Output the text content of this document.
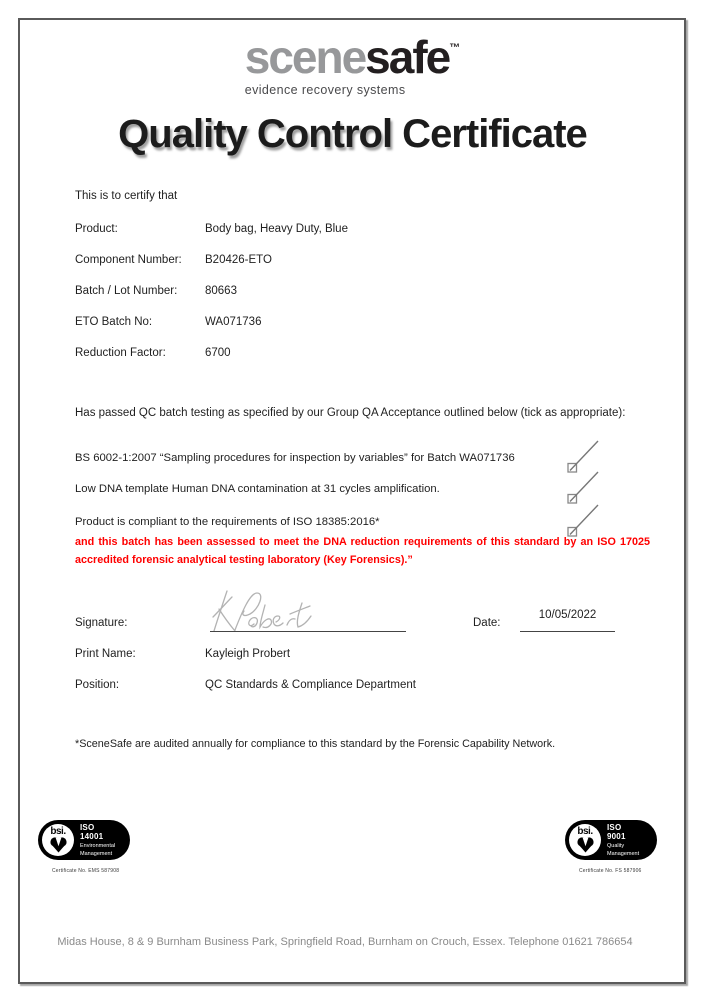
scenesafe™
evidence recovery systems
Quality Control Certificate
This is to certify that
Product:	Body bag, Heavy Duty, Blue
Component Number:	B20426-ETO
Batch / Lot Number:	80663
ETO Batch No:	WA071736
Reduction Factor:	6700
Has passed QC batch testing as specified by our Group QA Acceptance outlined below (tick as appropriate):
BS 6002-1:2007 “Sampling procedures for inspection by variables” for Batch WA071736
Low DNA template Human DNA contamination at 31 cycles amplification.
Product is compliant to the requirements of ISO 18385:2016*
and this batch has been assessed to meet the DNA reduction requirements of this standard by an ISO 17025 accredited forensic analytical testing laboratory (Key Forensics).”
Signature:	Date:
10/05/2022
Print Name:	Kayleigh Probert
Position:	QC Standards & Compliance Department
*SceneSafe are audited annually for compliance to this standard by the Forensic Capability Network.
bsi. ISO
14001
Environmental
Management
Certificate No. EMS 587908
bsi. ISO
9001
Quality
Management
Certificate No. FS 587906
Midas House, 8 & 9 Burnham Business Park, Springfield Road, Burnham on Crouch, Essex. Telephone 01621 786654
